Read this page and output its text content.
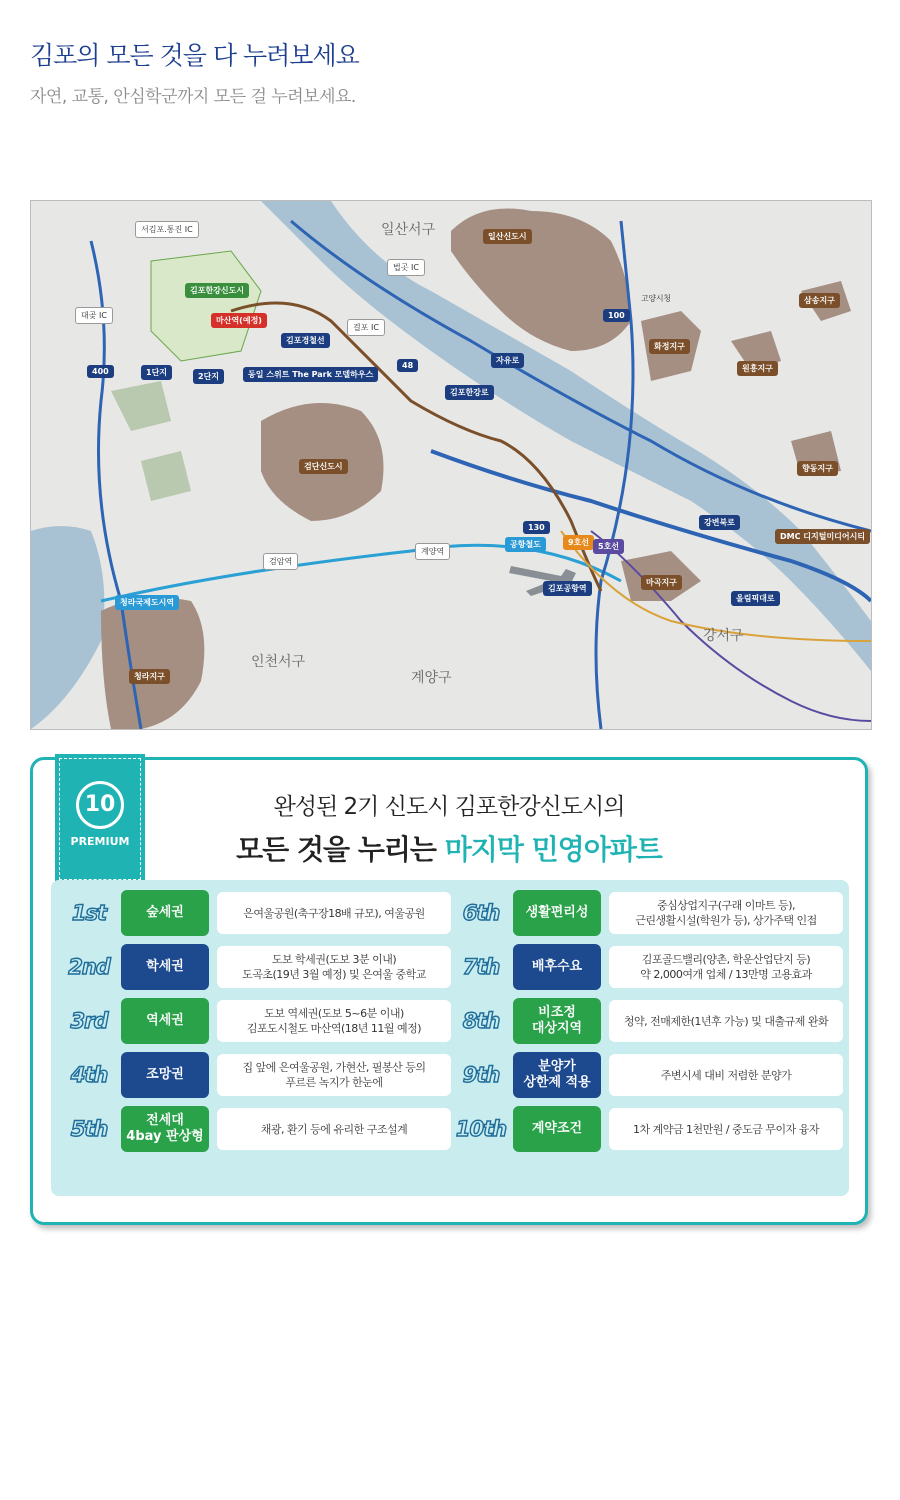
김포의 모든 것을 다 누려보세요
자연, 교통, 안심학군까지 모든 걸 누려보세요.
일산서구
인천서구
계양구
강서구
일산신도시
검단신도시
청라지구
화정지구
원흥지구
삼송지구
향동지구
마곡지구
DMC 디지털미디어시티
자유로
김포한강로
강변북로
올림픽대로
48
130
100
400
서김포.통진 IC
대곶 IC
법곳 IC
걸포 IC
마산역(예정)
김포공항역
계양역
검암역
청라국제도시역
공항철도	9호선	5호선
김포한강신도시
김포경철선
1단지	2단지	동일 스위트 The Park 모델하우스
고양시청
10
PREMIUM
완성된 2기 신도시 김포한강신도시의
모든 것을 누리는 마지막 민영아파트
1st	숲세권	은여울공원(축구장18배 규모), 여울공원
2nd	학세권	도보 학세권(도보 3분 이내)
도곡초(19년 3월 예정) 및 은여울 중학교
3rd	역세권	도보 역세권(도보 5~6분 이내)
김포도시철도 마산역(18년 11월 예정)
4th	조망권	집 앞에 은여울공원, 가현산, 필봉산 등의
푸르른 녹지가 한눈에
5th	전세대
4bay 판상형	채광, 환기 등에 유리한 구조설계
6th	생활편리성	중심상업지구(구래 이마트 등),
근린생활시설(학원가 등), 상가주택 인접
7th	배후수요	김포골드밸리(양촌, 학운산업단지 등)
약 2,000여개 업체 / 13만명 고용효과
8th	비조정
대상지역	청약, 전매제한(1년후 가능) 및 대출규제 완화
9th	분양가
상한제 적용	주변시세 대비 저렴한 분양가
10th	계약조건	1차 계약금 1천만원 / 중도금 무이자 융자
